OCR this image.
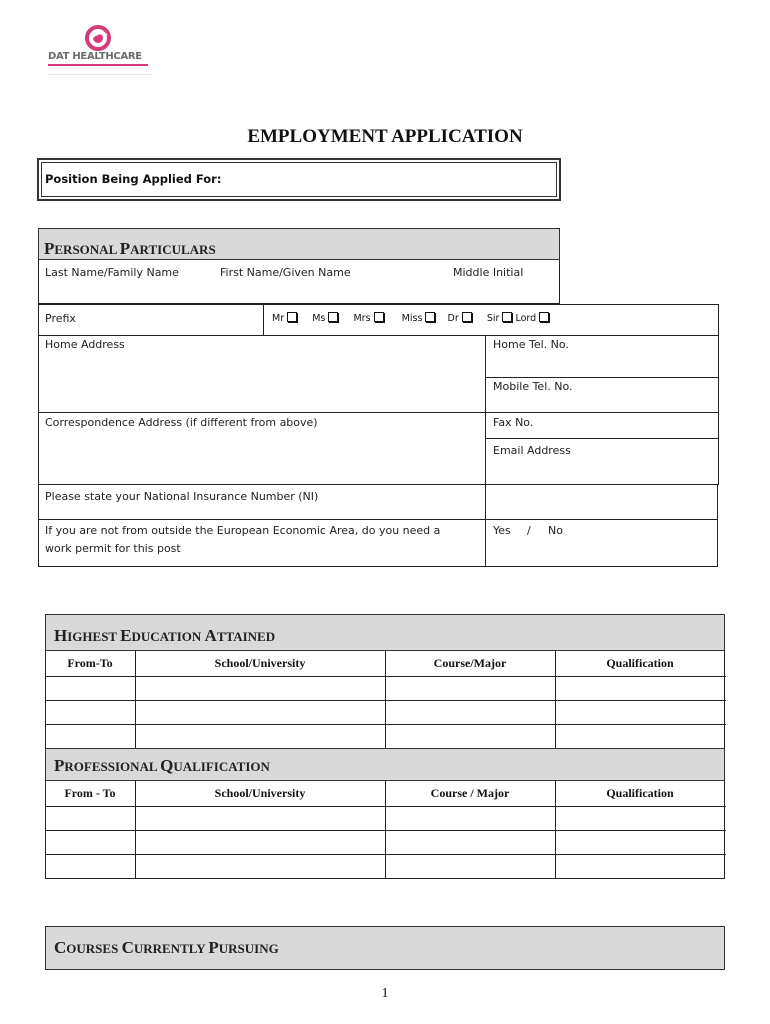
DAT HEALTHCARE
EMPLOYMENT APPLICATION
Position Being Applied For:
PERSONAL PARTICULARS
Last Name/Family Name	First Name/Given Name	Middle Initial
Prefix	Mr	Ms	Mrs	Miss	Dr	Sir Lord
Home Address	Home Tel. No.
Mobile Tel. No.
Correspondence Address (if different from above)	Fax No.
Email Address
Please state your National Insurance Number (NI)
If you are not from outside the European Economic Area, do you need a
work permit for this post
Yes / No
HIGHEST EDUCATION ATTAINED
From-To	School/University	Course/Major	Qualification
PROFESSIONAL QUALIFICATION
From - To	School/University	Course / Major	Qualification
COURSES CURRENTLY PURSUING
1
